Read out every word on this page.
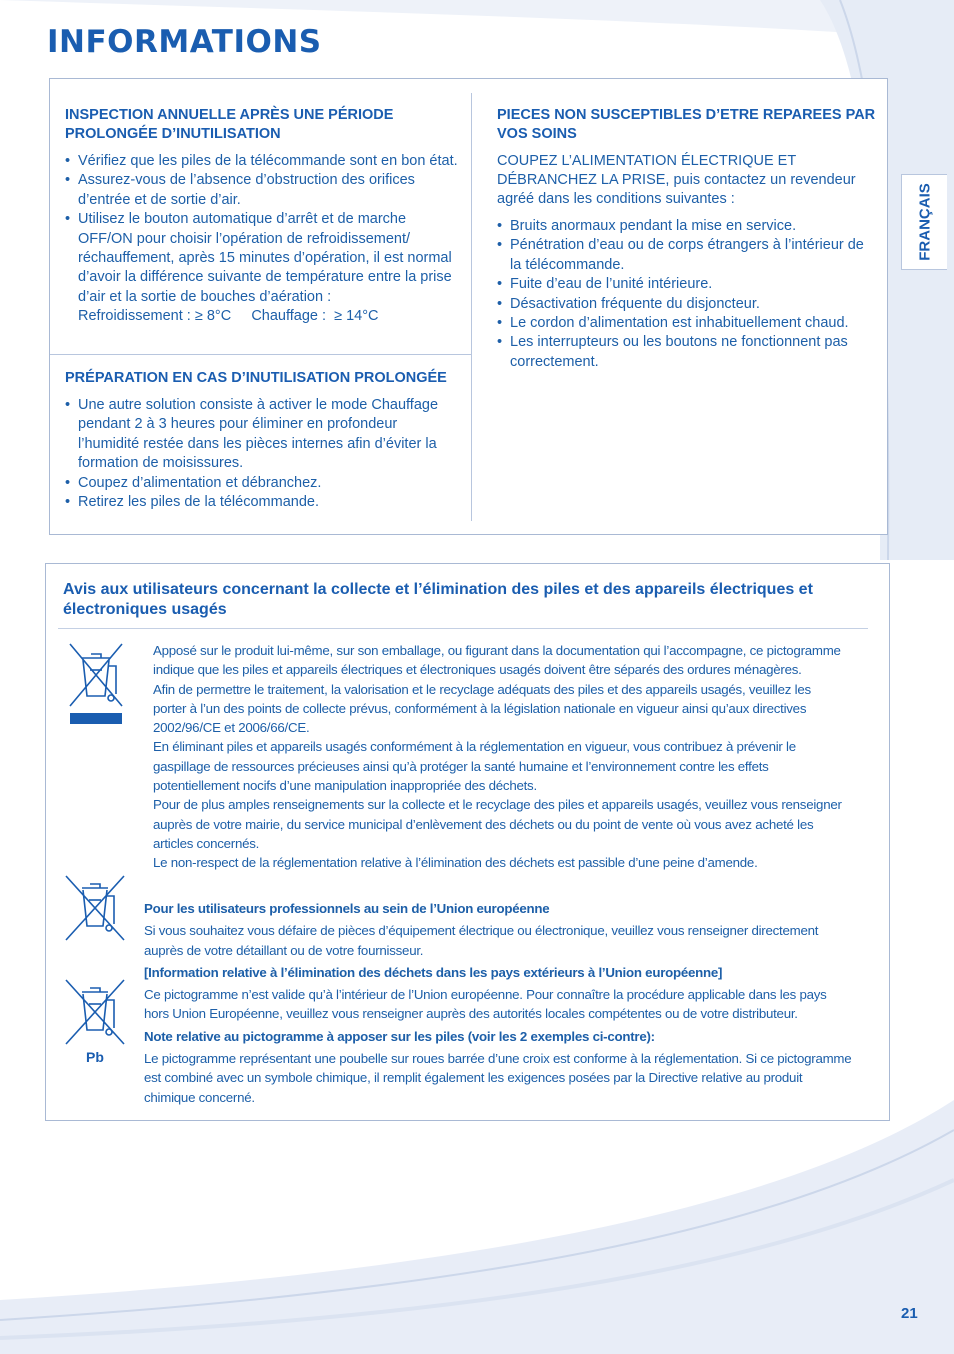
INFORMATIONS
FRANÇAIS
INSPECTION ANNUELLE APRÈS UNE PÉRIODE PROLONGÉE D’INUTILISATION
• Vérifiez que les piles de la télécommande sont en bon état.
• Assurez-vous de l’absence d’obstruction des orifices d’entrée et de sortie d’air.
• Utilisez le bouton automatique d’arrêt et de marche OFF/ON pour choisir l’opération de refroidissement/ réchauffement, après 15 minutes d’opération, il est normal d’avoir la différence suivante de température entre la prise d’air et la sortie de bouches d’aération :
Refroidissement : ≥ 8°C     Chauffage :  ≥ 14°C
PRÉPARATION EN CAS D’INUTILISATION PROLONGÉE
• Une autre solution consiste à activer le mode Chauffage pendant 2 à 3 heures pour éliminer en profondeur l’humidité restée dans les pièces internes afin d’éviter la formation de moisissures.
• Coupez d’alimentation et débranchez.
• Retirez les piles de la télécommande.
PIECES NON SUSCEPTIBLES D’ETRE REPAREES PAR VOS SOINS

COUPEZ L’ALIMENTATION ÉLECTRIQUE ET DÉBRANCHEZ LA PRISE, puis contactez un revendeur agréé dans les conditions suivantes :

• Bruits anormaux pendant la mise en service.
• Pénétration d’eau ou de corps étrangers à l’intérieur de la télécommande.
• Fuite d’eau de l’unité intérieure.
• Désactivation fréquente du disjoncteur.
• Le cordon d’alimentation est inhabituellement chaud.
• Les interrupteurs ou les boutons ne fonctionnent pas correctement.
Avis aux utilisateurs concernant la collecte et l’élimination des piles et des appareils électriques et électroniques usagés
Pb

Apposé sur le produit lui-même, sur son emballage, ou figurant dans la documentation qui l’accompagne, ce pictogramme indique que les piles et appareils électriques et électroniques usagés doivent être séparés des ordures ménagères.

Afin de permettre le traitement, la valorisation et le recyclage adéquats des piles et des appareils usagés, veuillez les porter à l’un des points de collecte prévus, conformément à la législation nationale en vigueur ainsi qu’aux directives 2002/96/CE et 2006/66/CE.

En éliminant piles et appareils usagés conformément à la réglementation en vigueur, vous contribuez à prévenir le gaspillage de ressources précieuses ainsi qu’à protéger la santé humaine et l’environnement contre les effets potentiellement nocifs d’une manipulation inappropriée des déchets.

Pour de plus amples renseignements sur la collecte et le recyclage des piles et appareils usagés, veuillez vous renseigner auprès de votre mairie, du service municipal d’enlèvement des déchets ou du point de vente où vous avez acheté les articles concernés.

Le non-respect de la réglementation relative à l’élimination des déchets est passible d’une peine d’amende.

Pour les utilisateurs professionnels au sein de l’Union européenne

Si vous souhaitez vous défaire de pièces d’équipement électrique ou électronique, veuillez vous renseigner directement auprès de votre détaillant ou de votre fournisseur.

[Information relative à l’élimination des déchets dans les pays extérieurs à l’Union européenne]

Ce pictogramme n’est valide qu’à l’intérieur de l’Union européenne. Pour connaître la procédure applicable dans les pays hors Union Européenne, veuillez vous renseigner auprès des autorités locales compétentes ou de votre distributeur.

Note relative au pictogramme à apposer sur les piles (voir les 2 exemples ci-contre):

Le pictogramme représentant une poubelle sur roues barrée d’une croix est conforme à la réglementation. Si ce pictogramme est combiné avec un symbole chimique, il remplit également les exigences posées par la Directive relative au produit chimique concerné.

21
